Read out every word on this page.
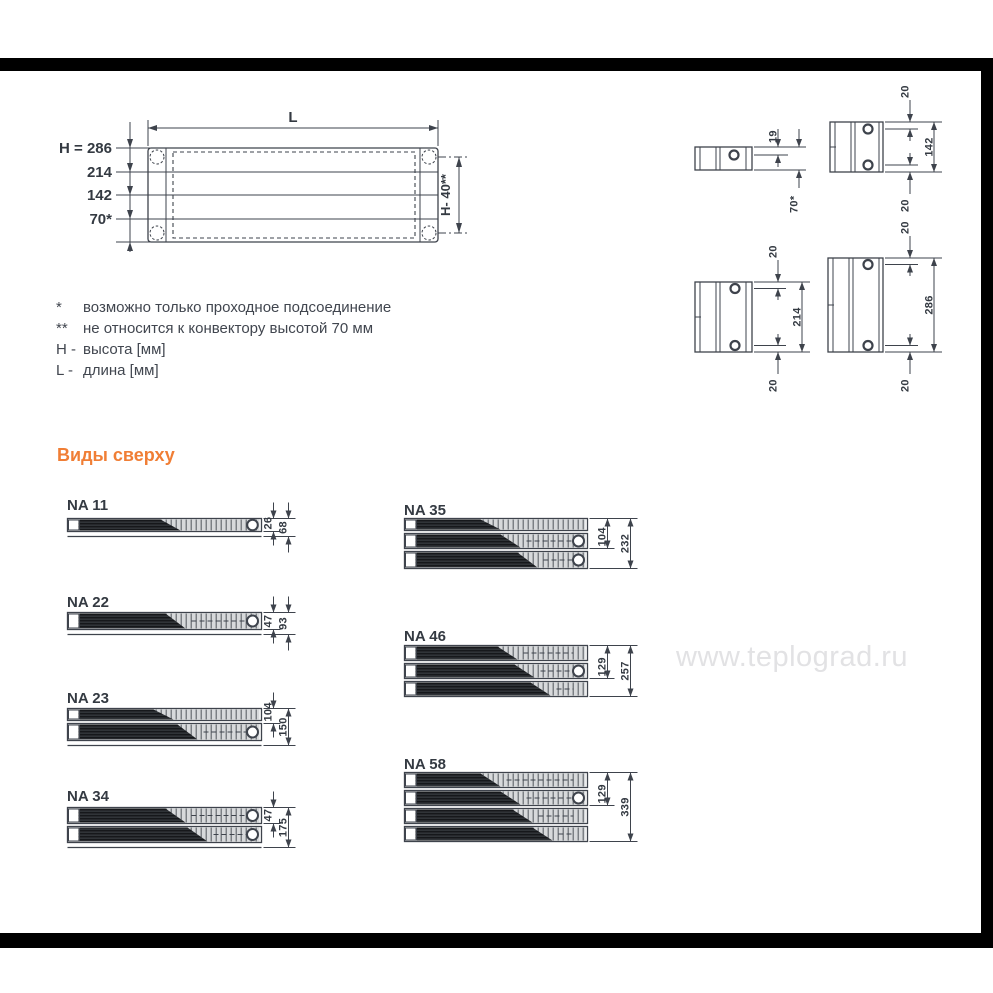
L
H = 286
214
142
70*
H- 40**
19
70*
20
20
142
20
20
214
20
20
286
*	возможно только проходное подсоединение
**	не относится к конвектору высотой 70 мм
Н - высота [мм]
L - длина [мм]
Виды сверху
NA 11
26 68
NA 22
47 93
NA 23
104
150
NA 34
47
175
NA 35
104 232
NA 46
129 257
NA 58
129
339
www.teplograd.ru
